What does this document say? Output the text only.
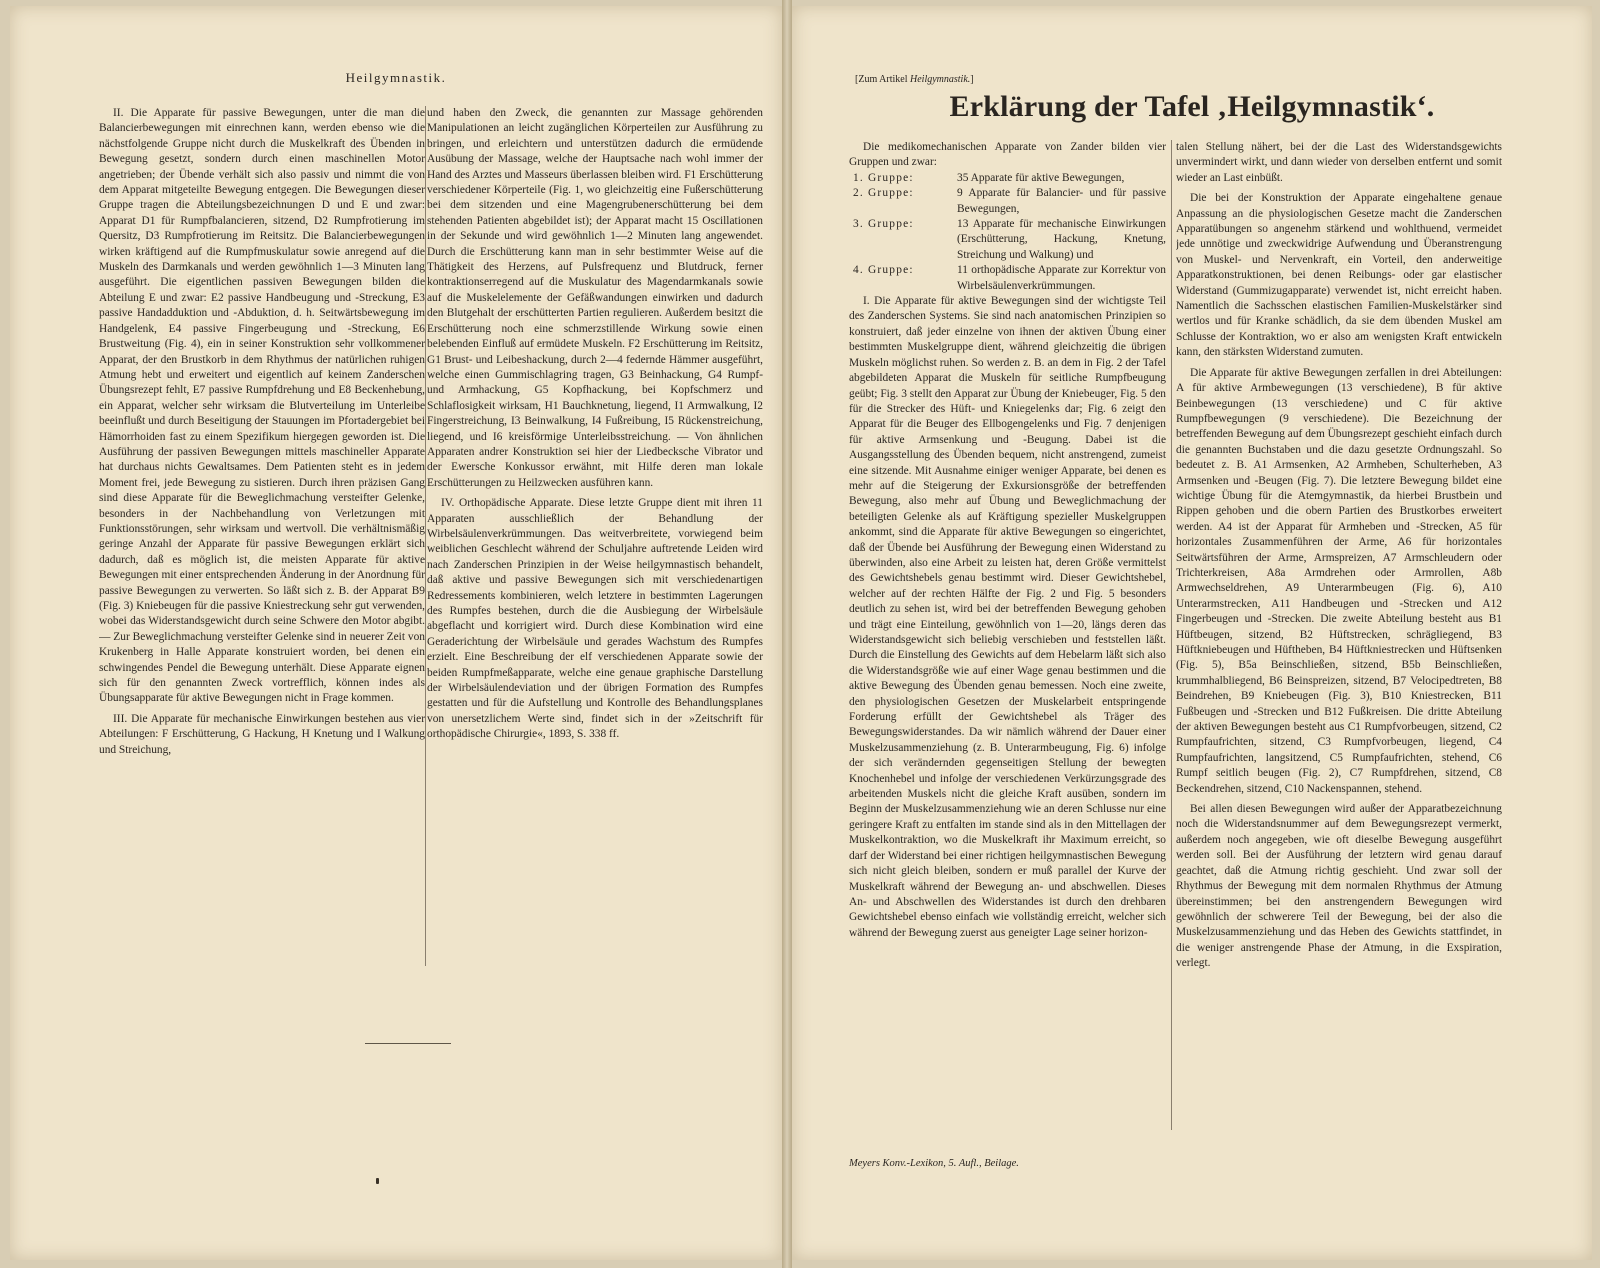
Heilgymnastik.

II. Die Apparate für passive Bewegungen, unter die man die Balancierbewegungen mit einrechnen kann, werden ebenso wie die nächstfolgende Gruppe nicht durch die Muskelkraft des Übenden in Bewegung gesetzt, sondern durch einen maschinellen Motor angetrieben; der Übende verhält sich also passiv und nimmt die von dem Apparat mitgeteilte Bewegung entgegen. Die Bewegungen dieser Gruppe tragen die Abteilungsbezeichnungen D und E und zwar: Apparat D1 für Rumpfbalancieren, sitzend, D2 Rumpfrotierung im Quersitz, D3 Rumpfrotierung im Reitsitz. Die Balancierbewegungen wirken kräftigend auf die Rumpfmuskulatur sowie anregend auf die Muskeln des Darmkanals und werden gewöhnlich 1—3 Minuten lang ausgeführt. Die eigentlichen passiven Bewegungen bilden die Abteilung E und zwar: E2 passive Handbeugung und -Streckung, E3 passive Handadduktion und -Abduktion, d. h. Seitwärtsbewegung im Handgelenk, E4 passive Fingerbeugung und -Streckung, E6 Brustweitung (Fig. 4), ein in seiner Konstruktion sehr vollkommener Apparat, der den Brustkorb in dem Rhythmus der natürlichen ruhigen Atmung hebt und erweitert und eigentlich auf keinem Zanderschen Übungsrezept fehlt, E7 passive Rumpfdrehung und E8 Beckenhebung, ein Apparat, welcher sehr wirksam die Blutverteilung im Unterleibe beeinflußt und durch Beseitigung der Stauungen im Pfortadergebiet bei Hämorrhoiden fast zu einem Spezifikum hiergegen geworden ist. Die Ausführung der passiven Bewegungen mittels maschineller Apparate hat durchaus nichts Gewaltsames. Dem Patienten steht es in jedem Moment frei, jede Bewegung zu sistieren. Durch ihren präzisen Gang sind diese Apparate für die Beweglichmachung versteifter Gelenke, besonders in der Nachbehandlung von Verletzungen mit Funktionsstörungen, sehr wirksam und wertvoll. Die verhältnismäßig geringe Anzahl der Apparate für passive Bewegungen erklärt sich dadurch, daß es möglich ist, die meisten Apparate für aktive Bewegungen mit einer entsprechenden Änderung in der Anordnung für passive Bewegungen zu verwerten. So läßt sich z. B. der Apparat B9 (Fig. 3) Kniebeugen für die passive Kniestreckung sehr gut verwenden, wobei das Widerstandsgewicht durch seine Schwere den Motor abgibt. — Zur Beweglichmachung versteifter Gelenke sind in neuerer Zeit von Krukenberg in Halle Apparate konstruiert worden, bei denen ein schwingendes Pendel die Bewegung unterhält. Diese Apparate eignen sich für den genannten Zweck vortrefflich, können indes als Übungsapparate für aktive Bewegungen nicht in Frage kommen.

III. Die Apparate für mechanische Einwirkungen bestehen aus vier Abteilungen: F Erschütterung, G Hackung, H Knetung und I Walkung und Streichung,

und haben den Zweck, die genannten zur Massage gehörenden Manipulationen an leicht zugänglichen Körperteilen zur Ausführung zu bringen, und erleichtern und unterstützen dadurch die ermüdende Ausübung der Massage, welche der Hauptsache nach wohl immer der Hand des Arztes und Masseurs überlassen bleiben wird. F1 Erschütterung verschiedener Körperteile (Fig. 1, wo gleichzeitig eine Fußerschütterung bei dem sitzenden und eine Magengrubenerschütterung bei dem stehenden Patienten abgebildet ist); der Apparat macht 15 Oscillationen in der Sekunde und wird gewöhnlich 1—2 Minuten lang angewendet. Durch die Erschütterung kann man in sehr bestimmter Weise auf die Thätigkeit des Herzens, auf Pulsfrequenz und Blutdruck, ferner kontraktionserregend auf die Muskulatur des Magendarmkanals sowie auf die Muskelelemente der Gefäßwandungen einwirken und dadurch den Blutgehalt der erschütterten Partien regulieren. Außerdem besitzt die Erschütterung noch eine schmerzstillende Wirkung sowie einen belebenden Einfluß auf ermüdete Muskeln. F2 Erschütterung im Reitsitz, G1 Brust- und Leibeshackung, durch 2—4 federnde Hämmer ausgeführt, welche einen Gummischlagring tragen, G3 Beinhackung, G4 Rumpf- und Armhackung, G5 Kopfhackung, bei Kopfschmerz und Schlaflosigkeit wirksam, H1 Bauchknetung, liegend, I1 Armwalkung, I2 Fingerstreichung, I3 Beinwalkung, I4 Fußreibung, I5 Rückenstreichung, liegend, und I6 kreisförmige Unterleibsstreichung. — Von ähnlichen Apparaten andrer Konstruktion sei hier der Liedbecksche Vibrator und der Ewersche Konkussor erwähnt, mit Hilfe deren man lokale Erschütterungen zu Heilzwecken ausführen kann.

IV. Orthopädische Apparate. Diese letzte Gruppe dient mit ihren 11 Apparaten ausschließlich der Behandlung der Wirbelsäulenverkrümmungen. Das weitverbreitete, vorwiegend beim weiblichen Geschlecht während der Schuljahre auftretende Leiden wird nach Zanderschen Prinzipien in der Weise heilgymnastisch behandelt, daß aktive und passive Bewegungen sich mit verschiedenartigen Redressements kombinieren, welch letztere in bestimmten Lagerungen des Rumpfes bestehen, durch die die Ausbiegung der Wirbelsäule abgeflacht und korrigiert wird. Durch diese Kombination wird eine Geraderichtung der Wirbelsäule und gerades Wachstum des Rumpfes erzielt. Eine Beschreibung der elf verschiedenen Apparate sowie der beiden Rumpfmeßapparate, welche eine genaue graphische Darstellung der Wirbelsäulendeviation und der übrigen Formation des Rumpfes gestatten und für die Aufstellung und Kontrolle des Behandlungsplanes von unersetzlichem Werte sind, findet sich in der »Zeitschrift für orthopädische Chirurgie«, 1893, S. 338 ff.

[Zum Artikel Heilgymnastik.]
Erklärung der Tafel ‚Heilgymnastik‘.

Die medikomechanischen Apparate von Zander bilden vier Gruppen und zwar:

1. Gruppe:	35 Apparate für aktive Bewegungen,
2. Gruppe:	9 Apparate für Balancier- und für passive Bewegungen,
3. Gruppe:	13 Apparate für mechanische Einwirkungen (Erschütterung, Hackung, Knetung, Streichung und Walkung) und
4. Gruppe:	11 orthopädische Apparate zur Korrektur von Wirbelsäulenverkrümmungen.

I. Die Apparate für aktive Bewegungen sind der wichtigste Teil des Zanderschen Systems. Sie sind nach anatomischen Prinzipien so konstruiert, daß jeder einzelne von ihnen der aktiven Übung einer bestimmten Muskelgruppe dient, während gleichzeitig die übrigen Muskeln möglichst ruhen. So werden z. B. an dem in Fig. 2 der Tafel abgebildeten Apparat die Muskeln für seitliche Rumpfbeugung geübt; Fig. 3 stellt den Apparat zur Übung der Kniebeuger, Fig. 5 den für die Strecker des Hüft- und Kniegelenks dar; Fig. 6 zeigt den Apparat für die Beuger des Ellbogengelenks und Fig. 7 denjenigen für aktive Armsenkung und -Beugung. Dabei ist die Ausgangsstellung des Übenden bequem, nicht anstrengend, zumeist eine sitzende. Mit Ausnahme einiger weniger Apparate, bei denen es mehr auf die Steigerung der Exkursionsgröße der betreffenden Bewegung, also mehr auf Übung und Beweglichmachung der beteiligten Gelenke als auf Kräftigung spezieller Muskelgruppen ankommt, sind die Apparate für aktive Bewegungen so eingerichtet, daß der Übende bei Ausführung der Bewegung einen Widerstand zu überwinden, also eine Arbeit zu leisten hat, deren Größe vermittelst des Gewichtshebels genau bestimmt wird. Dieser Gewichtshebel, welcher auf der rechten Hälfte der Fig. 2 und Fig. 5 besonders deutlich zu sehen ist, wird bei der betreffenden Bewegung gehoben und trägt eine Einteilung, gewöhnlich von 1—20, längs deren das Widerstandsgewicht sich beliebig verschieben und feststellen läßt. Durch die Einstellung des Gewichts auf dem Hebelarm läßt sich also die Widerstandsgröße wie auf einer Wage genau bestimmen und die aktive Bewegung des Übenden genau bemessen. Noch eine zweite, den physiologischen Gesetzen der Muskelarbeit entspringende Forderung erfüllt der Gewichtshebel als Träger des Bewegungswiderstandes. Da wir nämlich während der Dauer einer Muskelzusammenziehung (z. B. Unterarmbeugung, Fig. 6) infolge der sich verändernden gegenseitigen Stellung der bewegten Knochenhebel und infolge der verschiedenen Verkürzungsgrade des arbeitenden Muskels nicht die gleiche Kraft ausüben, sondern im Beginn der Muskelzusammenziehung wie an deren Schlusse nur eine geringere Kraft zu entfalten im stande sind als in den Mittellagen der Muskelkontraktion, wo die Muskelkraft ihr Maximum erreicht, so darf der Widerstand bei einer richtigen heilgymnastischen Bewegung sich nicht gleich bleiben, sondern er muß parallel der Kurve der Muskelkraft während der Bewegung an- und abschwellen. Dieses An- und Abschwellen des Widerstandes ist durch den drehbaren Gewichtshebel ebenso einfach wie vollständig erreicht, welcher sich während der Bewegung zuerst aus geneigter Lage seiner horizon-

talen Stellung nähert, bei der die Last des Widerstandsgewichts unvermindert wirkt, und dann wieder von derselben entfernt und somit wieder an Last einbüßt.

Die bei der Konstruktion der Apparate eingehaltene genaue Anpassung an die physiologischen Gesetze macht die Zanderschen Apparatübungen so angenehm stärkend und wohlthuend, vermeidet jede unnötige und zweckwidrige Aufwendung und Überanstrengung von Muskel- und Nervenkraft, ein Vorteil, den anderweitige Apparatkonstruktionen, bei denen Reibungs- oder gar elastischer Widerstand (Gummizugapparate) verwendet ist, nicht erreicht haben. Namentlich die Sachsschen elastischen Familien-Muskelstärker sind wertlos und für Kranke schädlich, da sie dem übenden Muskel am Schlusse der Kontraktion, wo er also am wenigsten Kraft entwickeln kann, den stärksten Widerstand zumuten.

Die Apparate für aktive Bewegungen zerfallen in drei Abteilungen: A für aktive Armbewegungen (13 verschiedene), B für aktive Beinbewegungen (13 verschiedene) und C für aktive Rumpfbewegungen (9 verschiedene). Die Bezeichnung der betreffenden Bewegung auf dem Übungsrezept geschieht einfach durch die genannten Buchstaben und die dazu gesetzte Ordnungszahl. So bedeutet z. B. A1 Armsenken, A2 Armheben, Schulterheben, A3 Armsenken und -Beugen (Fig. 7). Die letztere Bewegung bildet eine wichtige Übung für die Atemgymnastik, da hierbei Brustbein und Rippen gehoben und die obern Partien des Brustkorbes erweitert werden. A4 ist der Apparat für Armheben und -Strecken, A5 für horizontales Zusammenführen der Arme, A6 für horizontales Seitwärtsführen der Arme, Armspreizen, A7 Armschleudern oder Trichterkreisen, A8a Armdrehen oder Armrollen, A8b Armwechseldrehen, A9 Unterarmbeugen (Fig. 6), A10 Unterarmstrecken, A11 Handbeugen und -Strecken und A12 Fingerbeugen und -Strecken. Die zweite Abteilung besteht aus B1 Hüftbeugen, sitzend, B2 Hüftstrecken, schrägliegend, B3 Hüftkniebeugen und Hüftheben, B4 Hüftkniestrecken und Hüftsenken (Fig. 5), B5a Beinschließen, sitzend, B5b Beinschließen, krummhalbliegend, B6 Beinspreizen, sitzend, B7 Velocipedtreten, B8 Beindrehen, B9 Kniebeugen (Fig. 3), B10 Kniestrecken, B11 Fußbeugen und -Strecken und B12 Fußkreisen. Die dritte Abteilung der aktiven Bewegungen besteht aus C1 Rumpfvorbeugen, sitzend, C2 Rumpfaufrichten, sitzend, C3 Rumpfvorbeugen, liegend, C4 Rumpfaufrichten, langsitzend, C5 Rumpfaufrichten, stehend, C6 Rumpf seitlich beugen (Fig. 2), C7 Rumpfdrehen, sitzend, C8 Beckendrehen, sitzend, C10 Nackenspannen, stehend.

Bei allen diesen Bewegungen wird außer der Apparatbezeichnung noch die Widerstandsnummer auf dem Bewegungsrezept vermerkt, außerdem noch angegeben, wie oft dieselbe Bewegung ausgeführt werden soll. Bei der Ausführung der letztern wird genau darauf geachtet, daß die Atmung richtig geschieht. Und zwar soll der Rhythmus der Bewegung mit dem normalen Rhythmus der Atmung übereinstimmen; bei den anstrengendern Bewegungen wird gewöhnlich der schwerere Teil der Bewegung, bei der also die Muskelzusammenziehung und das Heben des Gewichts stattfindet, in die weniger anstrengende Phase der Atmung, in die Exspiration, verlegt.

Meyers Konv.-Lexikon, 5. Aufl., Beilage.
